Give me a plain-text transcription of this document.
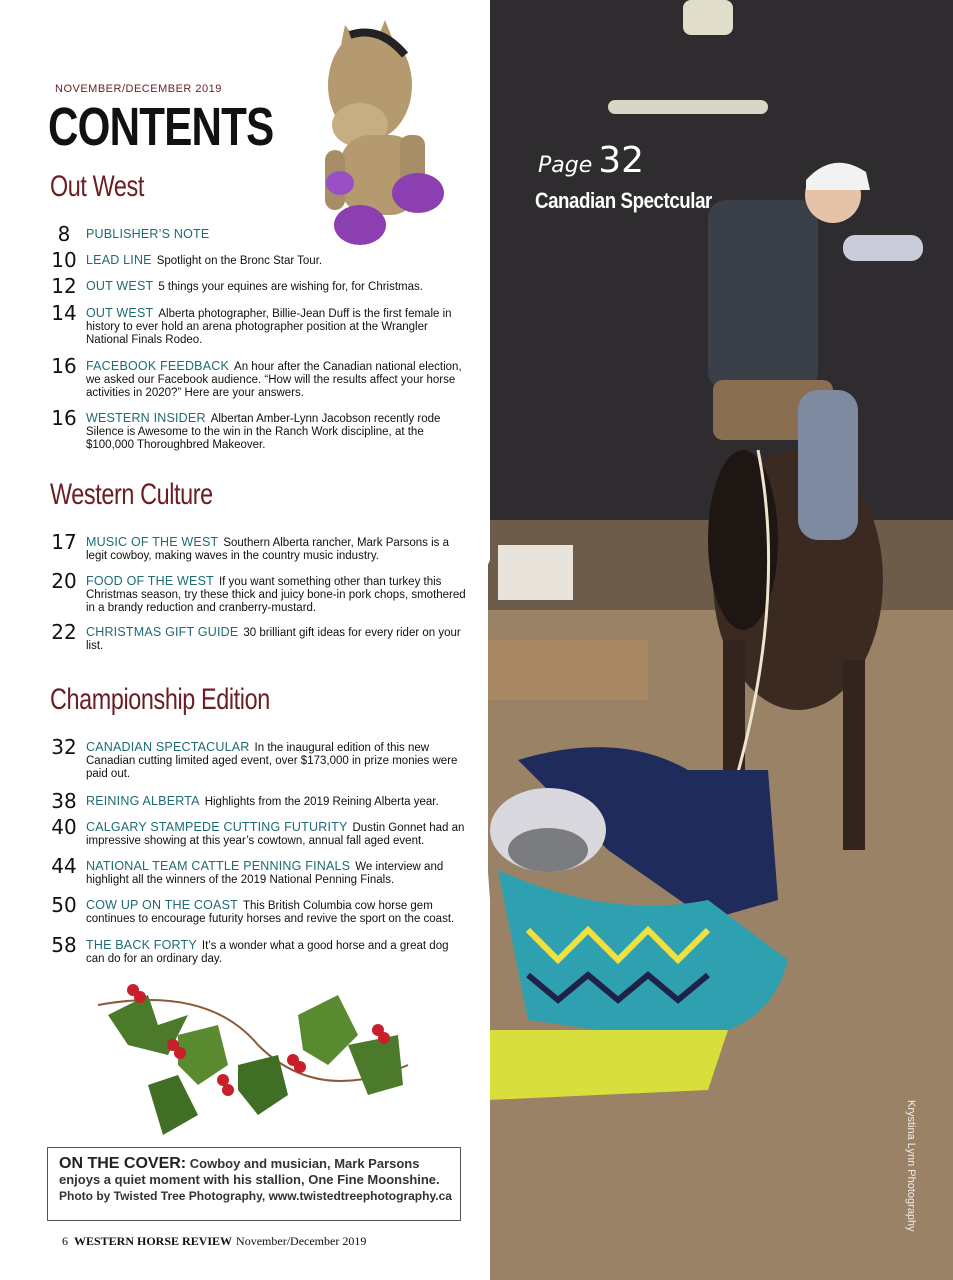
Page 32
Canadian Spectcular
Krystina Lynn Photography
NOVEMBER/DECEMBER 2019
CONTENTS
Out West
Western Culture
Championship Edition
8	PUBLISHER’S NOTE
10 LEAD LINE Spotlight on the Bronc Star Tour.
12 OUT WEST 5 things your equines are wishing for, for Christmas.
14 OUT WEST Alberta photographer, Billie-Jean Duff is the first female in history to ever hold an arena photographer position at the Wrangler National Finals Rodeo.
16 FACEBOOK FEEDBACK An hour after the Canadian national election, we asked our Facebook audience. “How will the results affect your horse activities in 2020?” Here are your answers.
16 WESTERN INSIDER Albertan Amber-Lynn Jacobson recently rode Silence is Awesome to the win in the Ranch Work discipline, at the $100,000 Thoroughbred Makeover.
17 MUSIC OF THE WEST Southern Alberta rancher, Mark Parsons is a legit cowboy, making waves in the country music industry.
20 FOOD OF THE WEST If you want something other than turkey this Christmas season, try these thick and juicy bone-in pork chops, smothered in a brandy reduction and cranberry-mustard.
22 CHRISTMAS GIFT GUIDE 30 brilliant gift ideas for every rider on your list.
32 CANADIAN SPECTACULAR In the inaugural edition of this new Canadian cutting limited aged event, over $173,000 in prize monies were paid out.
38 REINING ALBERTA Highlights from the 2019 Reining Alberta year.
40 CALGARY STAMPEDE CUTTING FUTURITY Dustin Gonnet had an impressive showing at this year’s cowtown, annual fall aged event.
44 NATIONAL TEAM CATTLE PENNING FINALS We interview and highlight all the winners of the 2019 National Penning Finals.
50 COW UP ON THE COAST This British Columbia cow horse gem continues to encourage futurity horses and revive the sport on the coast.
58 THE BACK FORTY It’s a wonder what a good horse and a great dog can do for an ordinary day.
ON THE COVER: Cowboy and musician, Mark Parsons enjoys a quiet moment with his stallion, One Fine Moonshine.
Photo by Twisted Tree Photography, www.twistedtreephotography.ca
6 WESTERN HORSE REVIEW November/December 2019
